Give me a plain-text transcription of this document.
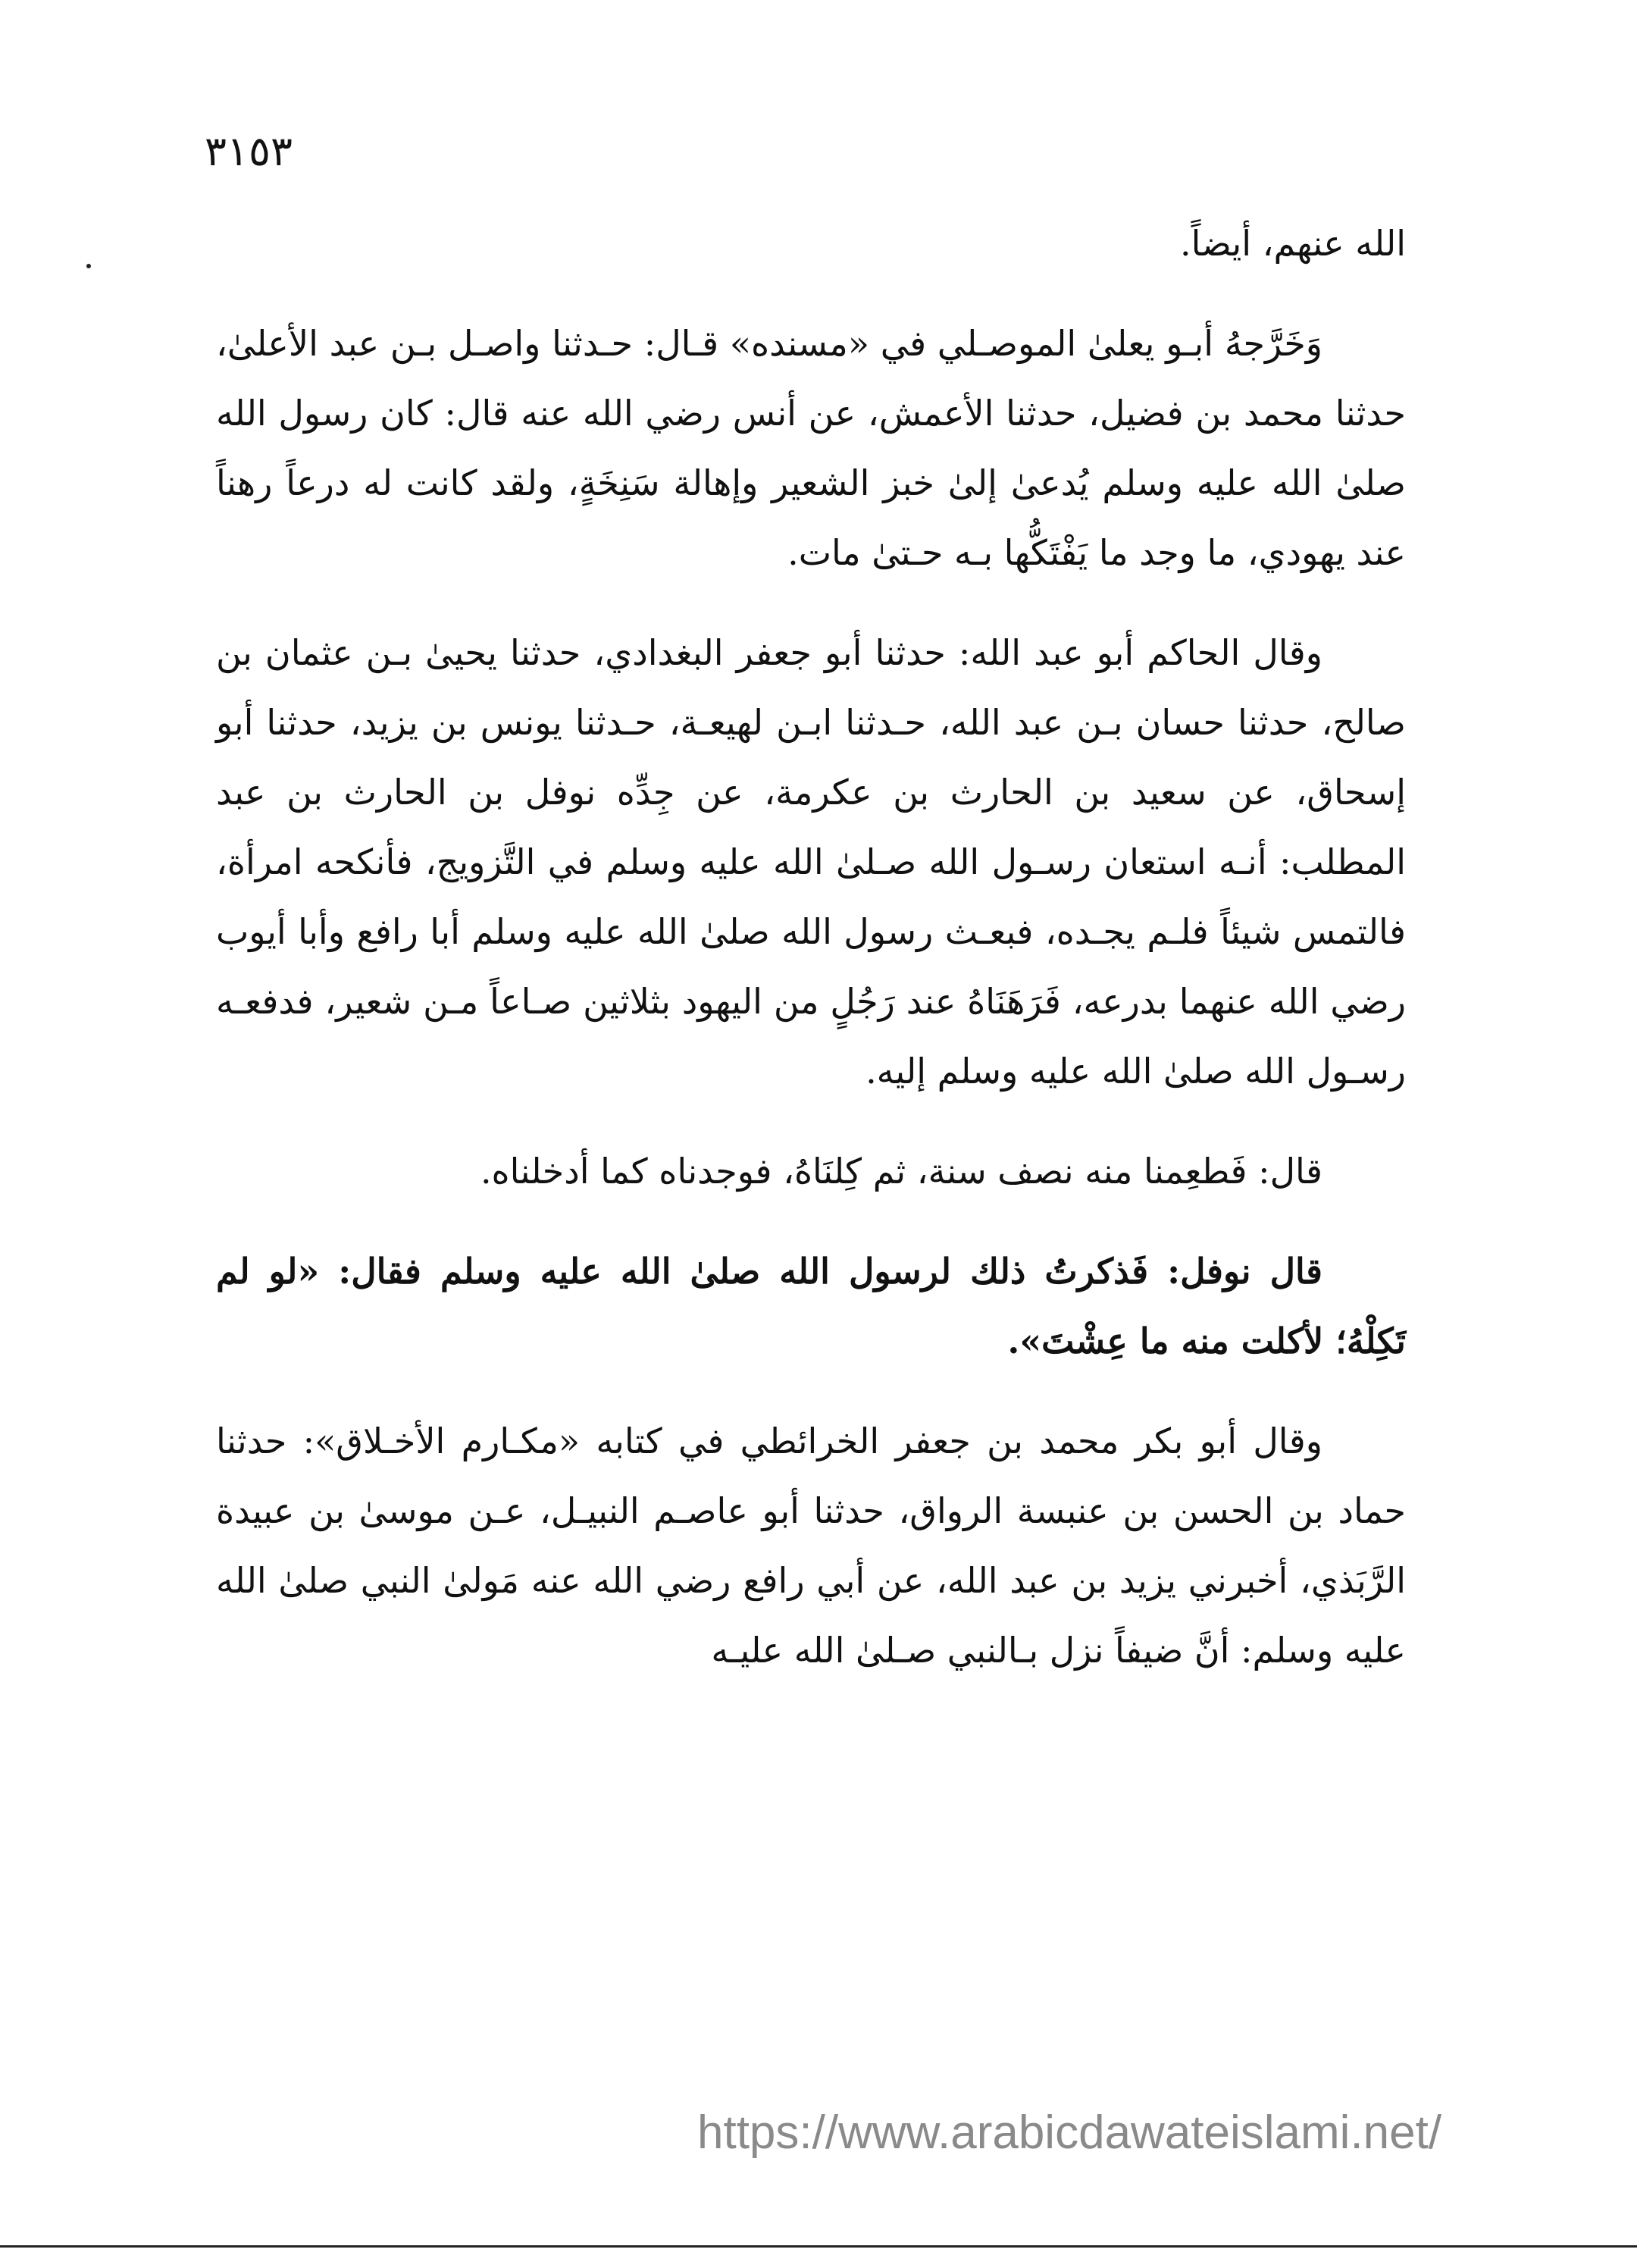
٣١٥٣

الله عنهم، أيضاً.

وَخَرَّجهُ أبـو يعلىٰ الموصـلي في «مسنده» قـال: حـدثنا واصـل بـن عبد الأعلىٰ، حدثنا محمد بن فضيل، حدثنا الأعمش، عن أنس رضي الله عنه قال: كان رسول الله صلىٰ الله عليه وسلم يُدعىٰ إلىٰ خبز الشعير وإهالة سَنِخَةٍ، ولقد كانت له درعاً رهناً عند يهودي، ما وجد ما يَفْتَكُّها بـه حـتىٰ مات.

وقال الحاكم أبو عبد الله: حدثنا أبو جعفر البغدادي، حدثنا يحيىٰ بـن عثمان بن صالح، حدثنا حسان بـن عبد الله، حـدثنا ابـن لهيعـة، حـدثنا يونس بن يزيد، حدثنا أبو إسحاق، عن سعيد بن الحارث بن عكرمة، عن جِدِّه نوفل بن الحارث بن عبد المطلب: أنـه استعان رسـول الله صـلىٰ الله عليه وسلم في التَّزويج، فأنكحه امرأة، فالتمس شيئاً فلـم يجـده، فبعـث رسول الله صلىٰ الله عليه وسلم أبا رافع وأبا أيوب رضي الله عنهما بدرعه، فَرَهَنَاهُ عند رَجُلٍ من اليهود بثلاثين صـاعاً مـن شعير، فدفعـه رسـول الله صلىٰ الله عليه وسلم إليه.

قال: فَطعِمنا منه نصف سنة، ثم كِلنَاهُ، فوجدناه كما أدخلناه.

قال نوفل: فَذكرتُ ذلك لرسول الله صلىٰ الله عليه وسلم فقال: «لو لم تَكِلْهُ؛ لأكلت منه ما عِشْتَ».

وقال أبو بكر محمد بن جعفر الخرائطي في كتابه «مكـارم الأخـلاق»: حدثنا حماد بن الحسن بن عنبسة الرواق، حدثنا أبو عاصـم النبيـل، عـن موسىٰ بن عبيدة الرَّبَذي، أخبرني يزيد بن عبد الله، عن أبي رافع رضي الله عنه مَولىٰ النبي صلىٰ الله عليه وسلم: أنَّ ضيفاً نزل بـالنبي صـلىٰ الله عليـه

https://www.arabicdawateislami.net/
